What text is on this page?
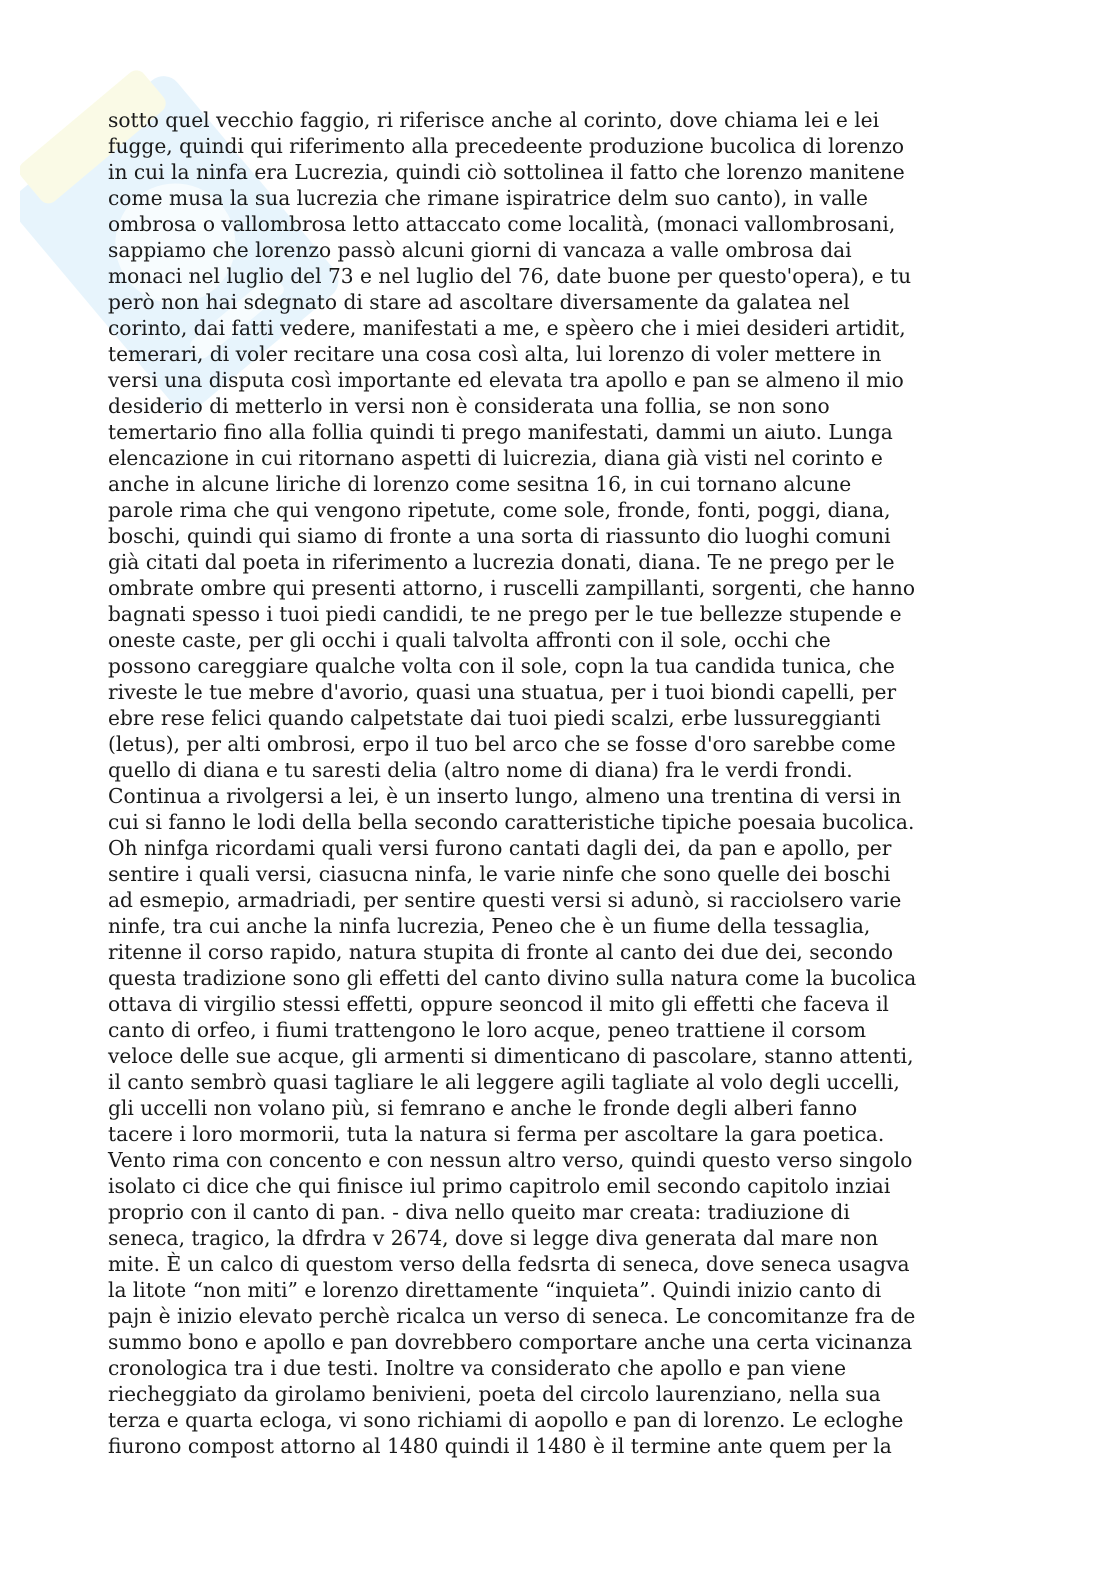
sotto quel vecchio faggio, ri riferisce anche al corinto, dove chiama lei e lei
fugge, quindi qui riferimento alla precedeente produzione bucolica di lorenzo
in cui la ninfa era Lucrezia, quindi ciò sottolinea il fatto che lorenzo manitene
come musa la sua lucrezia che rimane ispiratrice delm suo canto), in valle
ombrosa o vallombrosa letto attaccato come località, (monaci vallombrosani,
sappiamo che lorenzo passò alcuni giorni di vancaza a valle ombrosa dai
monaci nel luglio del 73 e nel luglio del 76, date buone per questo'opera), e tu
però non hai sdegnato di stare ad ascoltare diversamente da galatea nel
corinto, dai fatti vedere, manifestati a me, e spèero che i miei desideri artidit,
temerari, di voler recitare una cosa così alta, lui lorenzo di voler mettere in
versi una disputa così importante ed elevata tra apollo e pan se almeno il mio
desiderio di metterlo in versi non è considerata una follia, se non sono
temertario fino alla follia quindi ti prego manifestati, dammi un aiuto. Lunga
elencazione in cui ritornano aspetti di luicrezia, diana già visti nel corinto e
anche in alcune liriche di lorenzo come sesitna 16, in cui tornano alcune
parole rima che qui vengono ripetute, come sole, fronde, fonti, poggi, diana,
boschi, quindi qui siamo di fronte a una sorta di riassunto dio luoghi comuni
già citati dal poeta in riferimento a lucrezia donati, diana. Te ne prego per le
ombrate ombre qui presenti attorno, i ruscelli zampillanti, sorgenti, che hanno
bagnati spesso i tuoi piedi candidi, te ne prego per le tue bellezze stupende e
oneste caste, per gli occhi i quali talvolta affronti con il sole, occhi che
possono careggiare qualche volta con il sole, copn la tua candida tunica, che
riveste le tue mebre d'avorio, quasi una stuatua, per i tuoi biondi capelli, per
ebre rese felici quando calpetstate dai tuoi piedi scalzi, erbe lussureggianti
(letus), per alti ombrosi, erpo il tuo bel arco che se fosse d'oro sarebbe come
quello di diana e tu saresti delia (altro nome di diana) fra le verdi frondi.
Continua a rivolgersi a lei, è un inserto lungo, almeno una trentina di versi in
cui si fanno le lodi della bella secondo caratteristiche tipiche poesaia bucolica.
Oh ninfga ricordami quali versi furono cantati dagli dei, da pan e apollo, per
sentire i quali versi, ciasucna ninfa, le varie ninfe che sono quelle dei boschi
ad esmepio, armadriadi, per sentire questi versi si adunò, si racciolsero varie
ninfe, tra cui anche la ninfa lucrezia, Peneo che è un fiume della tessaglia,
ritenne il corso rapido, natura stupita di fronte al canto dei due dei, secondo
questa tradizione sono gli effetti del canto divino sulla natura come la bucolica
ottava di virgilio stessi effetti, oppure seoncod il mito gli effetti che faceva il
canto di orfeo, i fiumi trattengono le loro acque, peneo trattiene il corsom
veloce delle sue acque, gli armenti si dimenticano di pascolare, stanno attenti,
il canto sembrò quasi tagliare le ali leggere agili tagliate al volo degli uccelli,
gli uccelli non volano più, si femrano e anche le fronde degli alberi fanno
tacere i loro mormorii, tuta la natura si ferma per ascoltare la gara poetica.
Vento rima con concento e con nessun altro verso, quindi questo verso singolo
isolato ci dice che qui finisce iul primo capitrolo emil secondo capitolo inziai
proprio con il canto di pan. - diva nello queito mar creata: tradiuzione di
seneca, tragico, la dfrdra v 2674, dove si legge diva generata dal mare non
mite. È un calco di questom verso della fedsrta di seneca, dove seneca usagva
la litote “non miti” e lorenzo direttamente “inquieta”. Quindi inizio canto di
pajn è inizio elevato perchè ricalca un verso di seneca. Le concomitanze fra de
summo bono e apollo e pan dovrebbero comportare anche una certa vicinanza
cronologica tra i due testi. Inoltre va considerato che apollo e pan viene
riecheggiato da girolamo benivieni, poeta del circolo laurenziano, nella sua
terza e quarta ecloga, vi sono richiami di aopollo e pan di lorenzo. Le ecloghe
fiurono compost attorno al 1480 quindi il 1480 è il termine ante quem per la
